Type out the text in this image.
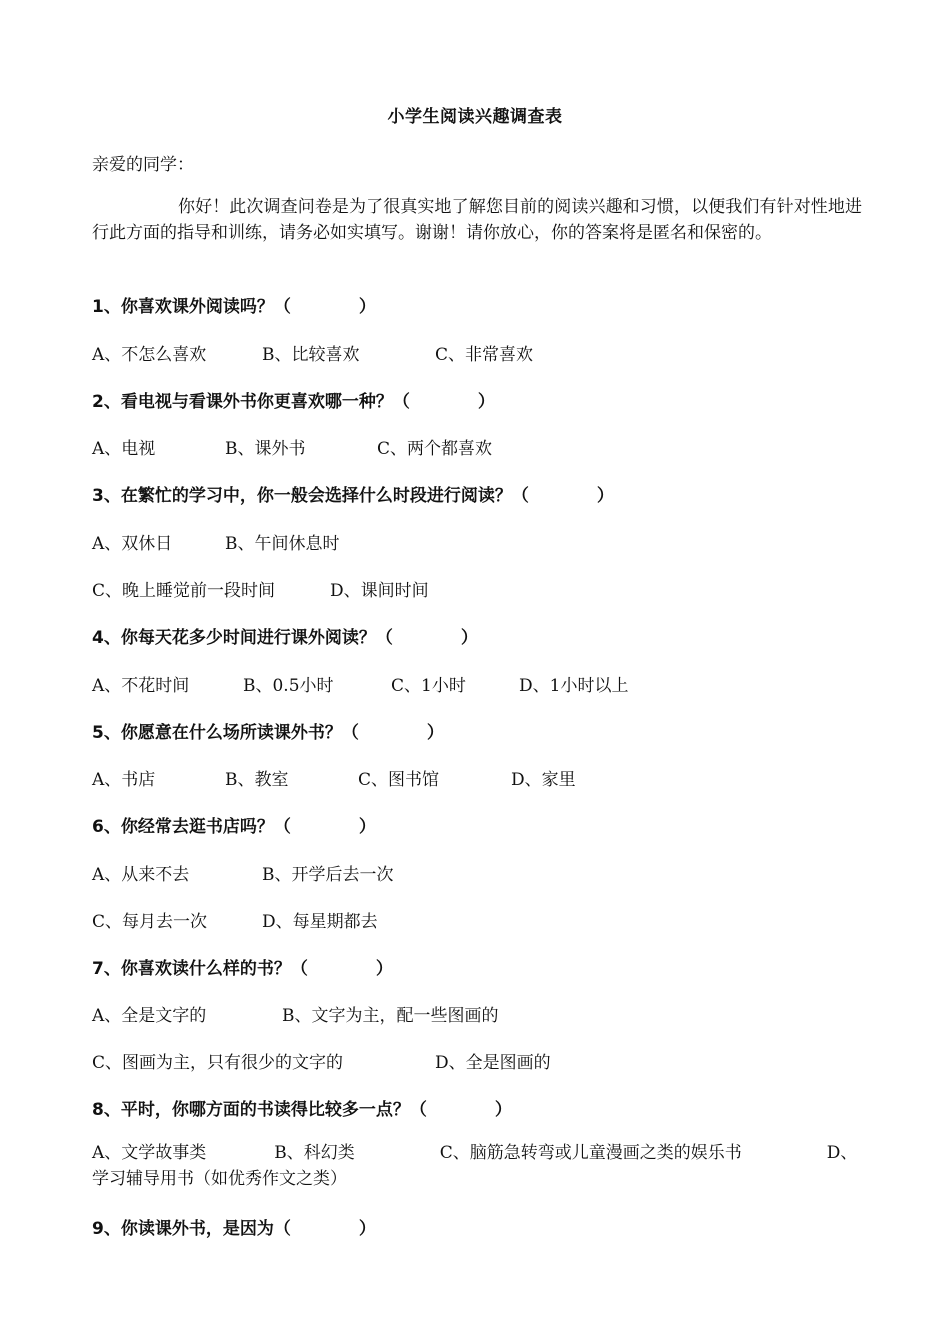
小学生阅读兴趣调查表
亲爱的同学：
你好！此次调查问卷是为了很真实地了解您目前的阅读兴趣和习惯，以便我们有针对性地进行此方面的指导和训练，请务必如实填写。谢谢！请你放心，你的答案将是匿名和保密的。
1、你喜欢课外阅读吗？（　　　　）

A、不怎么喜欢

	B、比较喜欢

	C、非常喜欢

2、看电视与看课外书你更喜欢哪一种？（　　　　）

A、电视

	B、课外书

	C、两个都喜欢

3、在繁忙的学习中，你一般会选择什么时段进行阅读？（　　　　）

A、双休日

	B、午间休息时

C、晚上睡觉前一段时间

	D、课间时间

4、你每天花多少时间进行课外阅读？（　　　　）

A、不花时间

	B、0.5小时

	C、1小时

	D、1小时以上

5、你愿意在什么场所读课外书？（　　　　）

A、书店

	B、教室

	C、图书馆

	D、家里

6、你经常去逛书店吗？（　　　　）

A、从来不去

	B、开学后去一次

C、每月去一次

	D、每星期都去

7、你喜欢读什么样的书？（　　　　）

A、全是文字的

	B、文字为主，配一些图画的

C、图画为主，只有很少的文字的

	D、全是图画的

8、平时，你哪方面的书读得比较多一点？（　　　　）
A、文学故事类　　　　B、科幻类　　　　　C、脑筋急转弯或儿童漫画之类的娱乐书　　　　　D、学习辅导用书（如优秀作文之类）
9、你读课外书，是因为（　　　　）
